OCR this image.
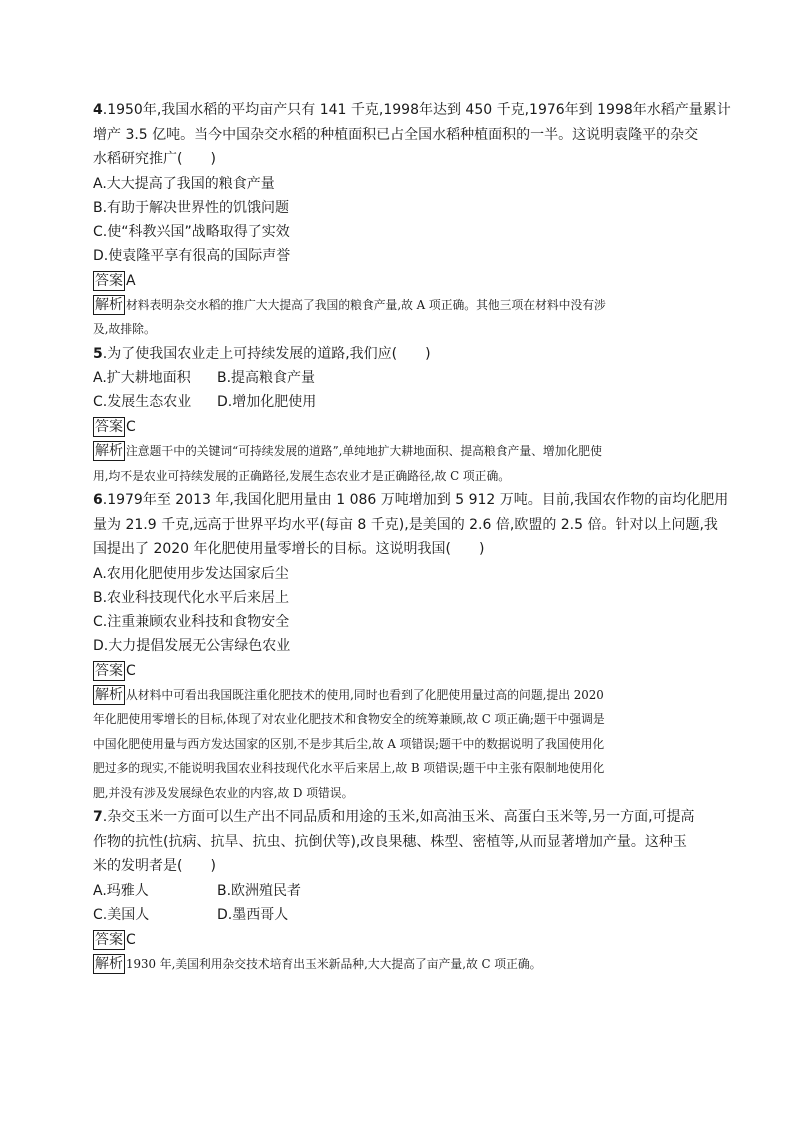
4.1950年,我国水稻的平均亩产只有 141 千克,1998年达到 450 千克,1976年到 1998年水稻产量累计
增产 3.5 亿吨。当今中国杂交水稻的种植面积已占全国水稻种植面积的一半。这说明袁隆平的杂交
水稻研究推广(　　)
A.大大提高了我国的粮食产量
B.有助于解决世界性的饥饿问题
C.使“科教兴国”战略取得了实效
D.使袁隆平享有很高的国际声誉
答案 A
解析 材料表明杂交水稻的推广大大提高了我国的粮食产量,故 A 项正确。其他三项在材料中没有涉
及,故排除。
5.为了使我国农业走上可持续发展的道路,我们应(　　)
A.扩大耕地面积 B.提高粮食产量
C.发展生态农业 D.增加化肥使用
答案 C
解析 注意题干中的关键词“可持续发展的道路”,单纯地扩大耕地面积、提高粮食产量、增加化肥使
用,均不是农业可持续发展的正确路径,发展生态农业才是正确路径,故 C 项正确。
6.1979年至 2013 年,我国化肥用量由 1 086 万吨增加到 5 912 万吨。目前,我国农作物的亩均化肥用
量为 21.9 千克,远高于世界平均水平(每亩 8 千克),是美国的 2.6 倍,欧盟的 2.5 倍。针对以上问题,我
国提出了 2020 年化肥使用量零增长的目标。这说明我国(　　)
A.农用化肥使用步发达国家后尘
B.农业科技现代化水平后来居上
C.注重兼顾农业科技和食物安全
D.大力提倡发展无公害绿色农业
答案 C
解析 从材料中可看出我国既注重化肥技术的使用,同时也看到了化肥使用量过高的问题,提出 2020
年化肥使用零增长的目标,体现了对农业化肥技术和食物安全的统筹兼顾,故 C 项正确;题干中强调是
中国化肥使用量与西方发达国家的区别,不是步其后尘,故 A 项错误;题干中的数据说明了我国使用化
肥过多的现实,不能说明我国农业科技现代化水平后来居上,故 B 项错误;题干中主张有限制地使用化
肥,并没有涉及发展绿色农业的内容,故 D 项错误。
7.杂交玉米一方面可以生产出不同品质和用途的玉米,如高油玉米、高蛋白玉米等,另一方面,可提高
作物的抗性(抗病、抗旱、抗虫、抗倒伏等),改良果穗、株型、密植等,从而显著增加产量。这种玉
米的发明者是(　　)
A.玛雅人	B.欧洲殖民者
C.美国人	D.墨西哥人
答案 C
解析 1930 年,美国利用杂交技术培育出玉米新品种,大大提高了亩产量,故 C 项正确。
